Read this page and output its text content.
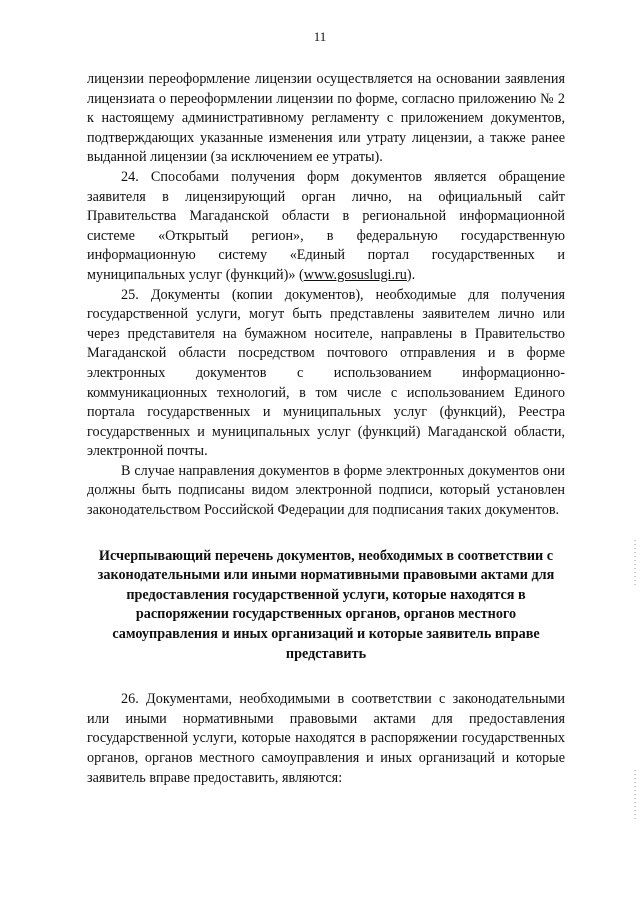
11

лицензии переоформление лицензии осуществляется на основании заявления лицензиата о переоформлении лицензии по форме, согласно приложению № 2 к настоящему административному регламенту с приложением документов, подтверждающих указанные изменения или утрату лицензии, а также ранее выданной лицензии (за исключением ее утраты).

24. Способами получения форм документов является обращение заявителя в лицензирующий орган лично, на официальный сайт Правительства Магаданской области в региональной информационной системе «Открытый регион», в федеральную государственную информационную систему «Единый портал государственных и муниципальных услуг (функций)» (www.gosuslugi.ru).

25. Документы (копии документов), необходимые для получения государственной услуги, могут быть представлены заявителем лично или через представителя на бумажном носителе, направлены в Правительство Магаданской области посредством почтового отправления и в форме электронных документов с использованием информационно-коммуникационных технологий, в том числе с использованием Единого портала государственных и муниципальных услуг (функций), Реестра государственных и муниципальных услуг (функций) Магаданской области, электронной почты.

В случае направления документов в форме электронных документов они должны быть подписаны видом электронной подписи, который установлен законодательством Российской Федерации для подписания таких документов.

Исчерпывающий перечень документов, необходимых в соответствии с законодательными или иными нормативными правовыми актами для предоставления государственной услуги, которые находятся в распоряжении государственных органов, органов местного самоуправления и иных организаций и которые заявитель вправе представить

26. Документами, необходимыми в соответствии с законодательными или иными нормативными правовыми актами для предоставления государственной услуги, которые находятся в распоряжении государственных органов, органов местного самоуправления и иных организаций и которые заявитель вправе предоставить, являются:
